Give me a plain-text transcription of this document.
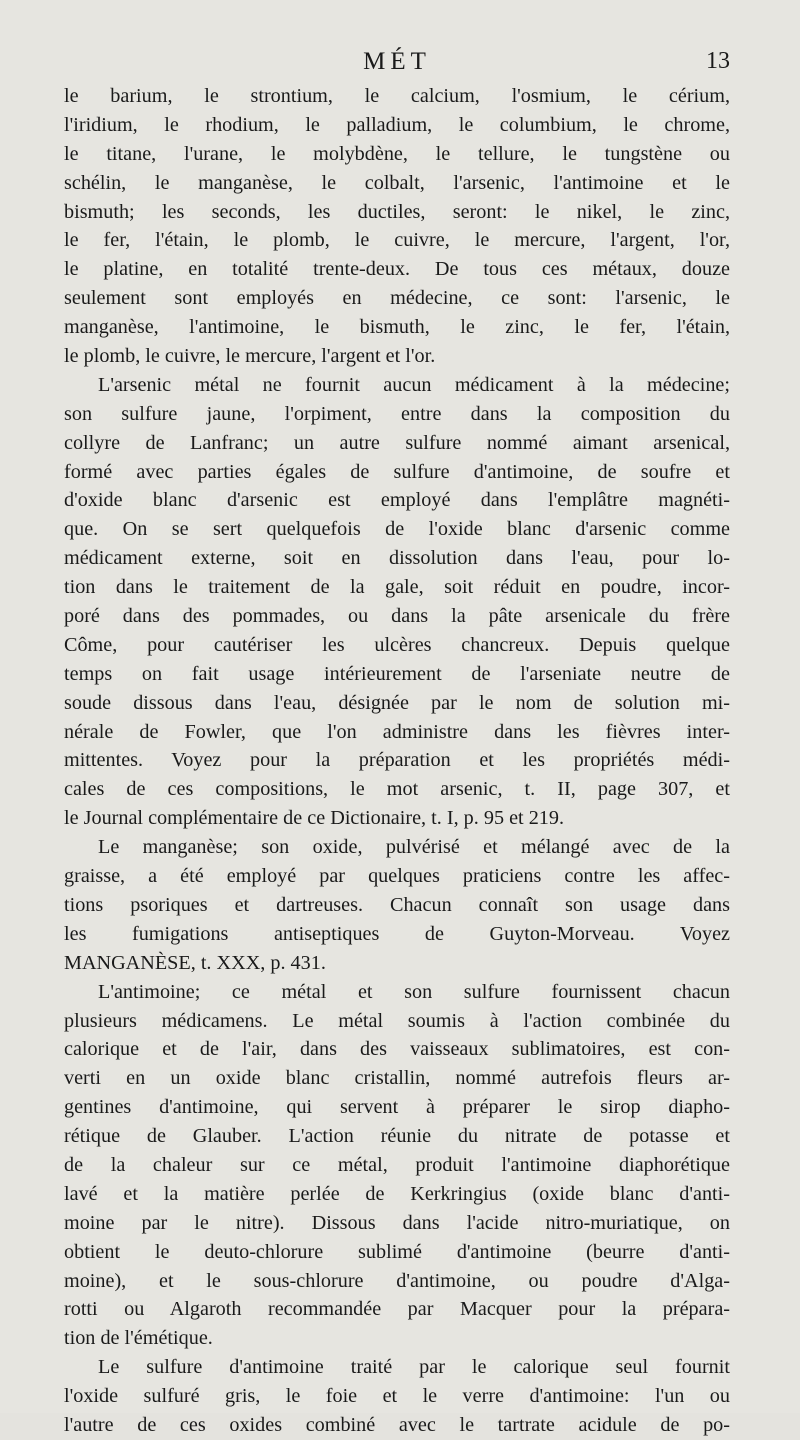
MÉT	13
le barium, le strontium, le calcium, l'osmium, le cérium,
l'iridium, le rhodium, le palladium, le columbium, le chrome,
le titane, l'urane, le molybdène, le tellure, le tungstène ou
schélin, le manganèse, le colbalt, l'arsenic, l'antimoine et le
bismuth; les seconds, les ductiles, seront: le nikel, le zinc,
le fer, l'étain, le plomb, le cuivre, le mercure, l'argent, l'or,
le platine, en totalité trente-deux. De tous ces métaux, douze
seulement sont employés en médecine, ce sont: l'arsenic, le
manganèse, l'antimoine, le bismuth, le zinc, le fer, l'étain,
le plomb, le cuivre, le mercure, l'argent et l'or.
L'arsenic métal ne fournit aucun médicament à la médecine;
son sulfure jaune, l'orpiment, entre dans la composition du
collyre de Lanfranc; un autre sulfure nommé aimant arsenical,
formé avec parties égales de sulfure d'antimoine, de soufre et
d'oxide blanc d'arsenic est employé dans l'emplâtre magnéti-
que. On se sert quelquefois de l'oxide blanc d'arsenic comme
médicament externe, soit en dissolution dans l'eau, pour lo-
tion dans le traitement de la gale, soit réduit en poudre, incor-
poré dans des pommades, ou dans la pâte arsenicale du frère
Côme, pour cautériser les ulcères chancreux. Depuis quelque
temps on fait usage intérieurement de l'arseniate neutre de
soude dissous dans l'eau, désignée par le nom de solution mi-
nérale de Fowler, que l'on administre dans les fièvres inter-
mittentes. Voyez pour la préparation et les propriétés médi-
cales de ces compositions, le mot arsenic, t. II, page 307, et
le Journal complémentaire de ce Dictionaire, t. I, p. 95 et 219.
Le manganèse; son oxide, pulvérisé et mélangé avec de la
graisse, a été employé par quelques praticiens contre les affec-
tions psoriques et dartreuses. Chacun connaît son usage dans
les fumigations antiseptiques de Guyton-Morveau. Voyez
MANGANÈSE, t. XXX, p. 431.
L'antimoine; ce métal et son sulfure fournissent chacun
plusieurs médicamens. Le métal soumis à l'action combinée du
calorique et de l'air, dans des vaisseaux sublimatoires, est con-
verti en un oxide blanc cristallin, nommé autrefois fleurs ar-
gentines d'antimoine, qui servent à préparer le sirop diapho-
rétique de Glauber. L'action réunie du nitrate de potasse et
de la chaleur sur ce métal, produit l'antimoine diaphorétique
lavé et la matière perlée de Kerkringius (oxide blanc d'anti-
moine par le nitre). Dissous dans l'acide nitro-muriatique, on
obtient le deuto-chlorure sublimé d'antimoine (beurre d'anti-
moine), et le sous-chlorure d'antimoine, ou poudre d'Alga-
rotti ou Algaroth recommandée par Macquer pour la prépara-
tion de l'émétique.
Le sulfure d'antimoine traité par le calorique seul fournit
l'oxide sulfuré gris, le foie et le verre d'antimoine: l'un ou
l'autre de ces oxides combiné avec le tartrate acidule de po-
